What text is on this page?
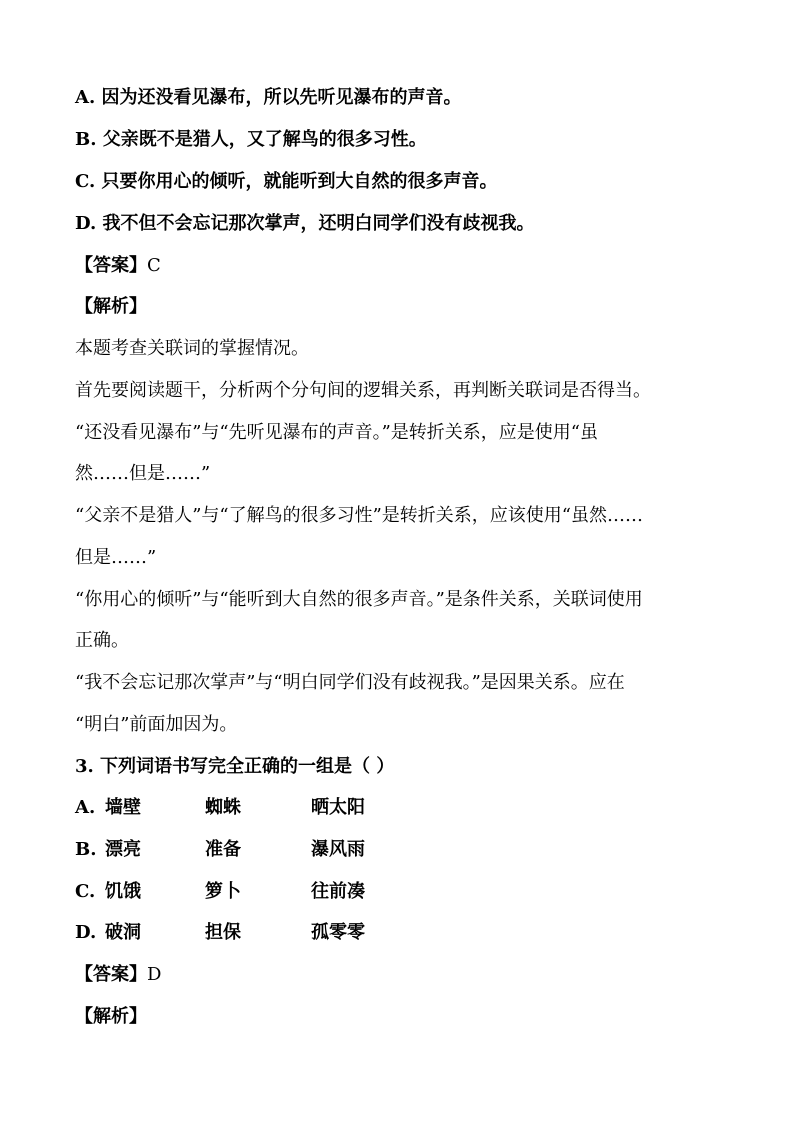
A. 因为还没看见瀑布，所以先听见瀑布的声音。
B. 父亲既不是猎人，又了解鸟的很多习性。
C. 只要你用心的倾听，就能听到大自然的很多声音。
D. 我不但不会忘记那次掌声，还明白同学们没有歧视我。
【答案】C
【解析】
本题考查关联词的掌握情况。
首先要阅读题干，分析两个分句间的逻辑关系，再判断关联词是否得当。
“还没看见瀑布”与“先听见瀑布的声音。”是转折关系，应是使用“虽
然……但是……”
“父亲不是猎人”与“了解鸟的很多习性”是转折关系，应该使用“虽然……
但是……”
“你用心的倾听”与“能听到大自然的很多声音。”是条件关系，关联词使用
正确。
“我不会忘记那次掌声”与“明白同学们没有歧视我。”是因果关系。应在
“明白”前面加因为。
3. 下列词语书写完全正确的一组是（ ）
A. 墙壁	蜘蛛	晒太阳
B. 漂亮	准备	瀑风雨
C. 饥饿	箩卜	往前凑
D. 破洞	担保	孤零零
【答案】D
【解析】
